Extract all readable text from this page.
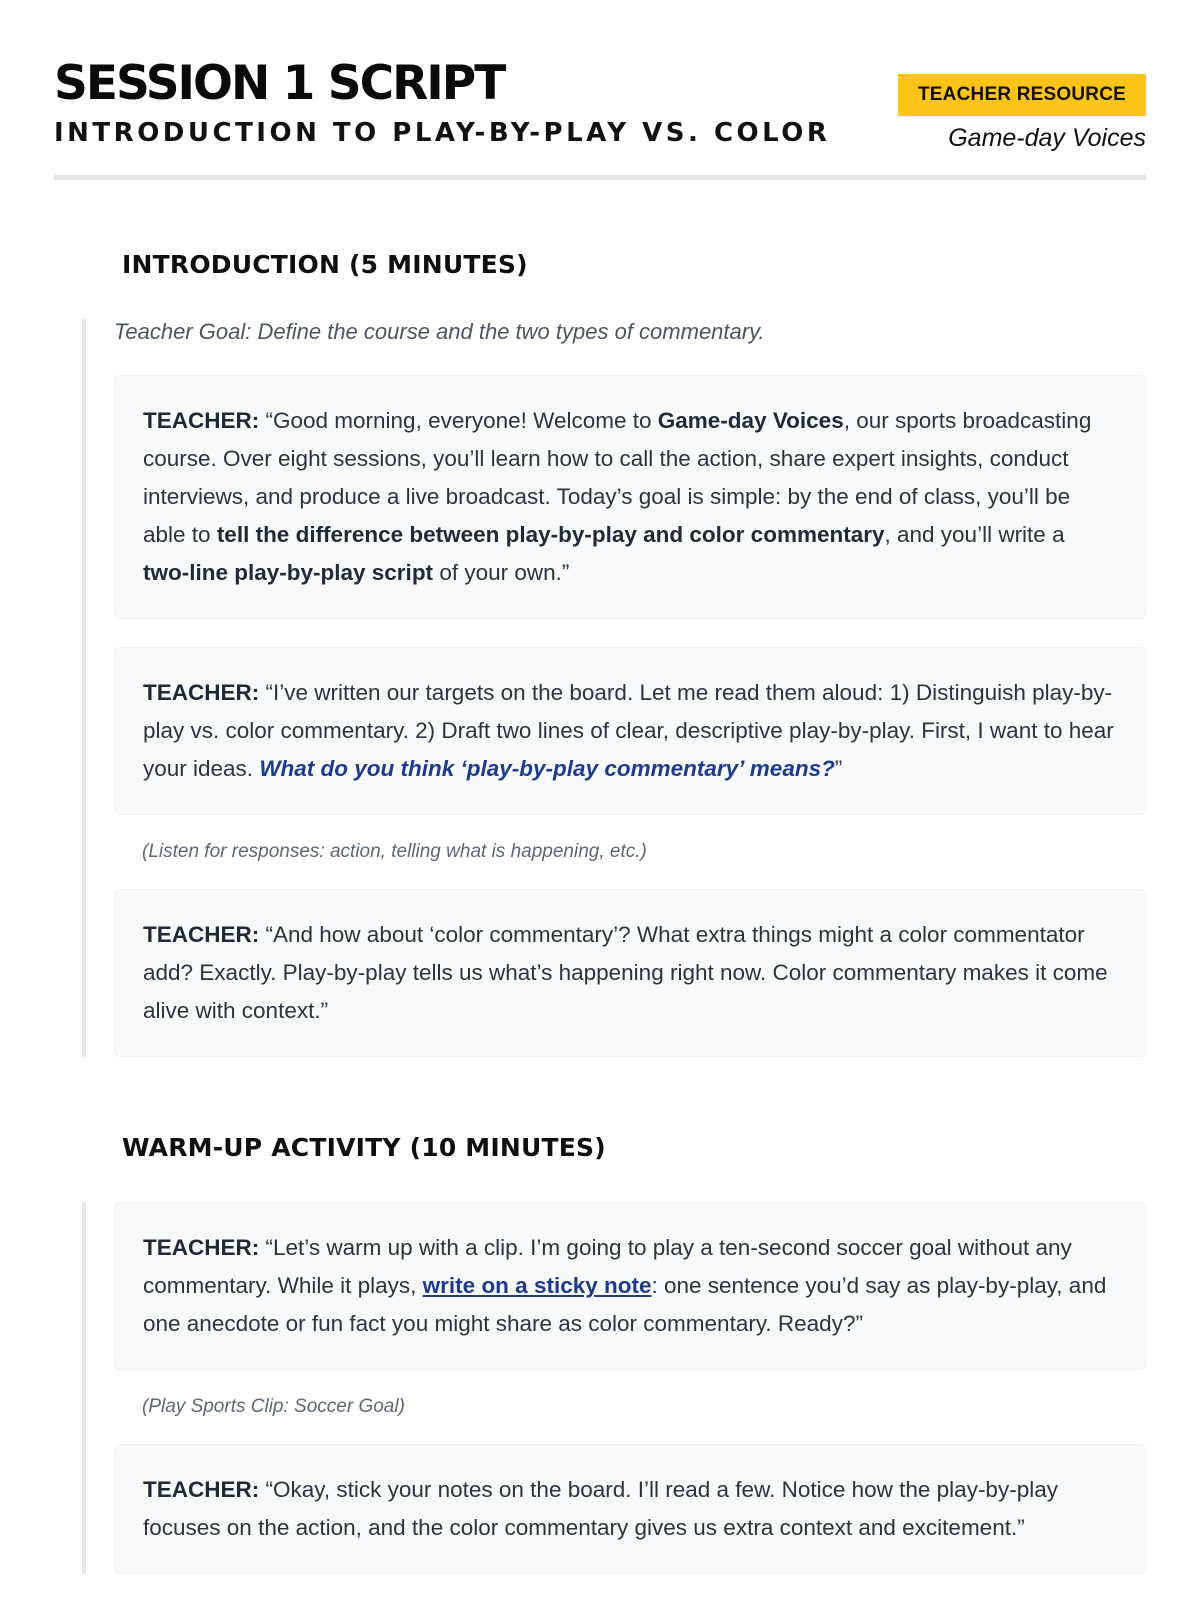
SESSION 1 SCRIPT
INTRODUCTION TO PLAY-BY-PLAY VS. COLOR
TEACHER RESOURCE
Game-day Voices
INTRODUCTION (5 MINUTES)

Teacher Goal: Define the course and the two types of commentary.

TEACHER: “Good morning, everyone! Welcome to Game-day Voices, our sports broadcasting course. Over eight sessions, you’ll learn how to call the action, share expert insights, conduct interviews, and produce a live broadcast. Today’s goal is simple: by the end of class, you’ll be able to tell the difference between play-by-play and color commentary, and you’ll write a two-line play-by-play script of your own.”
TEACHER: “I’ve written our targets on the board. Let me read them aloud: 1) Distinguish play-by-play vs. color commentary. 2) Draft two lines of clear, descriptive play-by-play. First, I want to hear your ideas. What do you think ‘play-by-play commentary’ means?”

(Listen for responses: action, telling what is happening, etc.)

TEACHER: “And how about ‘color commentary’? What extra things might a color commentator add? Exactly. Play-by-play tells us what’s happening right now. Color commentary makes it come alive with context.”
WARM-UP ACTIVITY (10 MINUTES)
TEACHER: “Let’s warm up with a clip. I’m going to play a ten-second soccer goal without any commentary. While it plays, write on a sticky note: one sentence you’d say as play-by-play, and one anecdote or fun fact you might share as color commentary. Ready?”

(Play Sports Clip: Soccer Goal)

TEACHER: “Okay, stick your notes on the board. I’ll read a few. Notice how the play-by-play focuses on the action, and the color commentary gives us extra context and excitement.”
